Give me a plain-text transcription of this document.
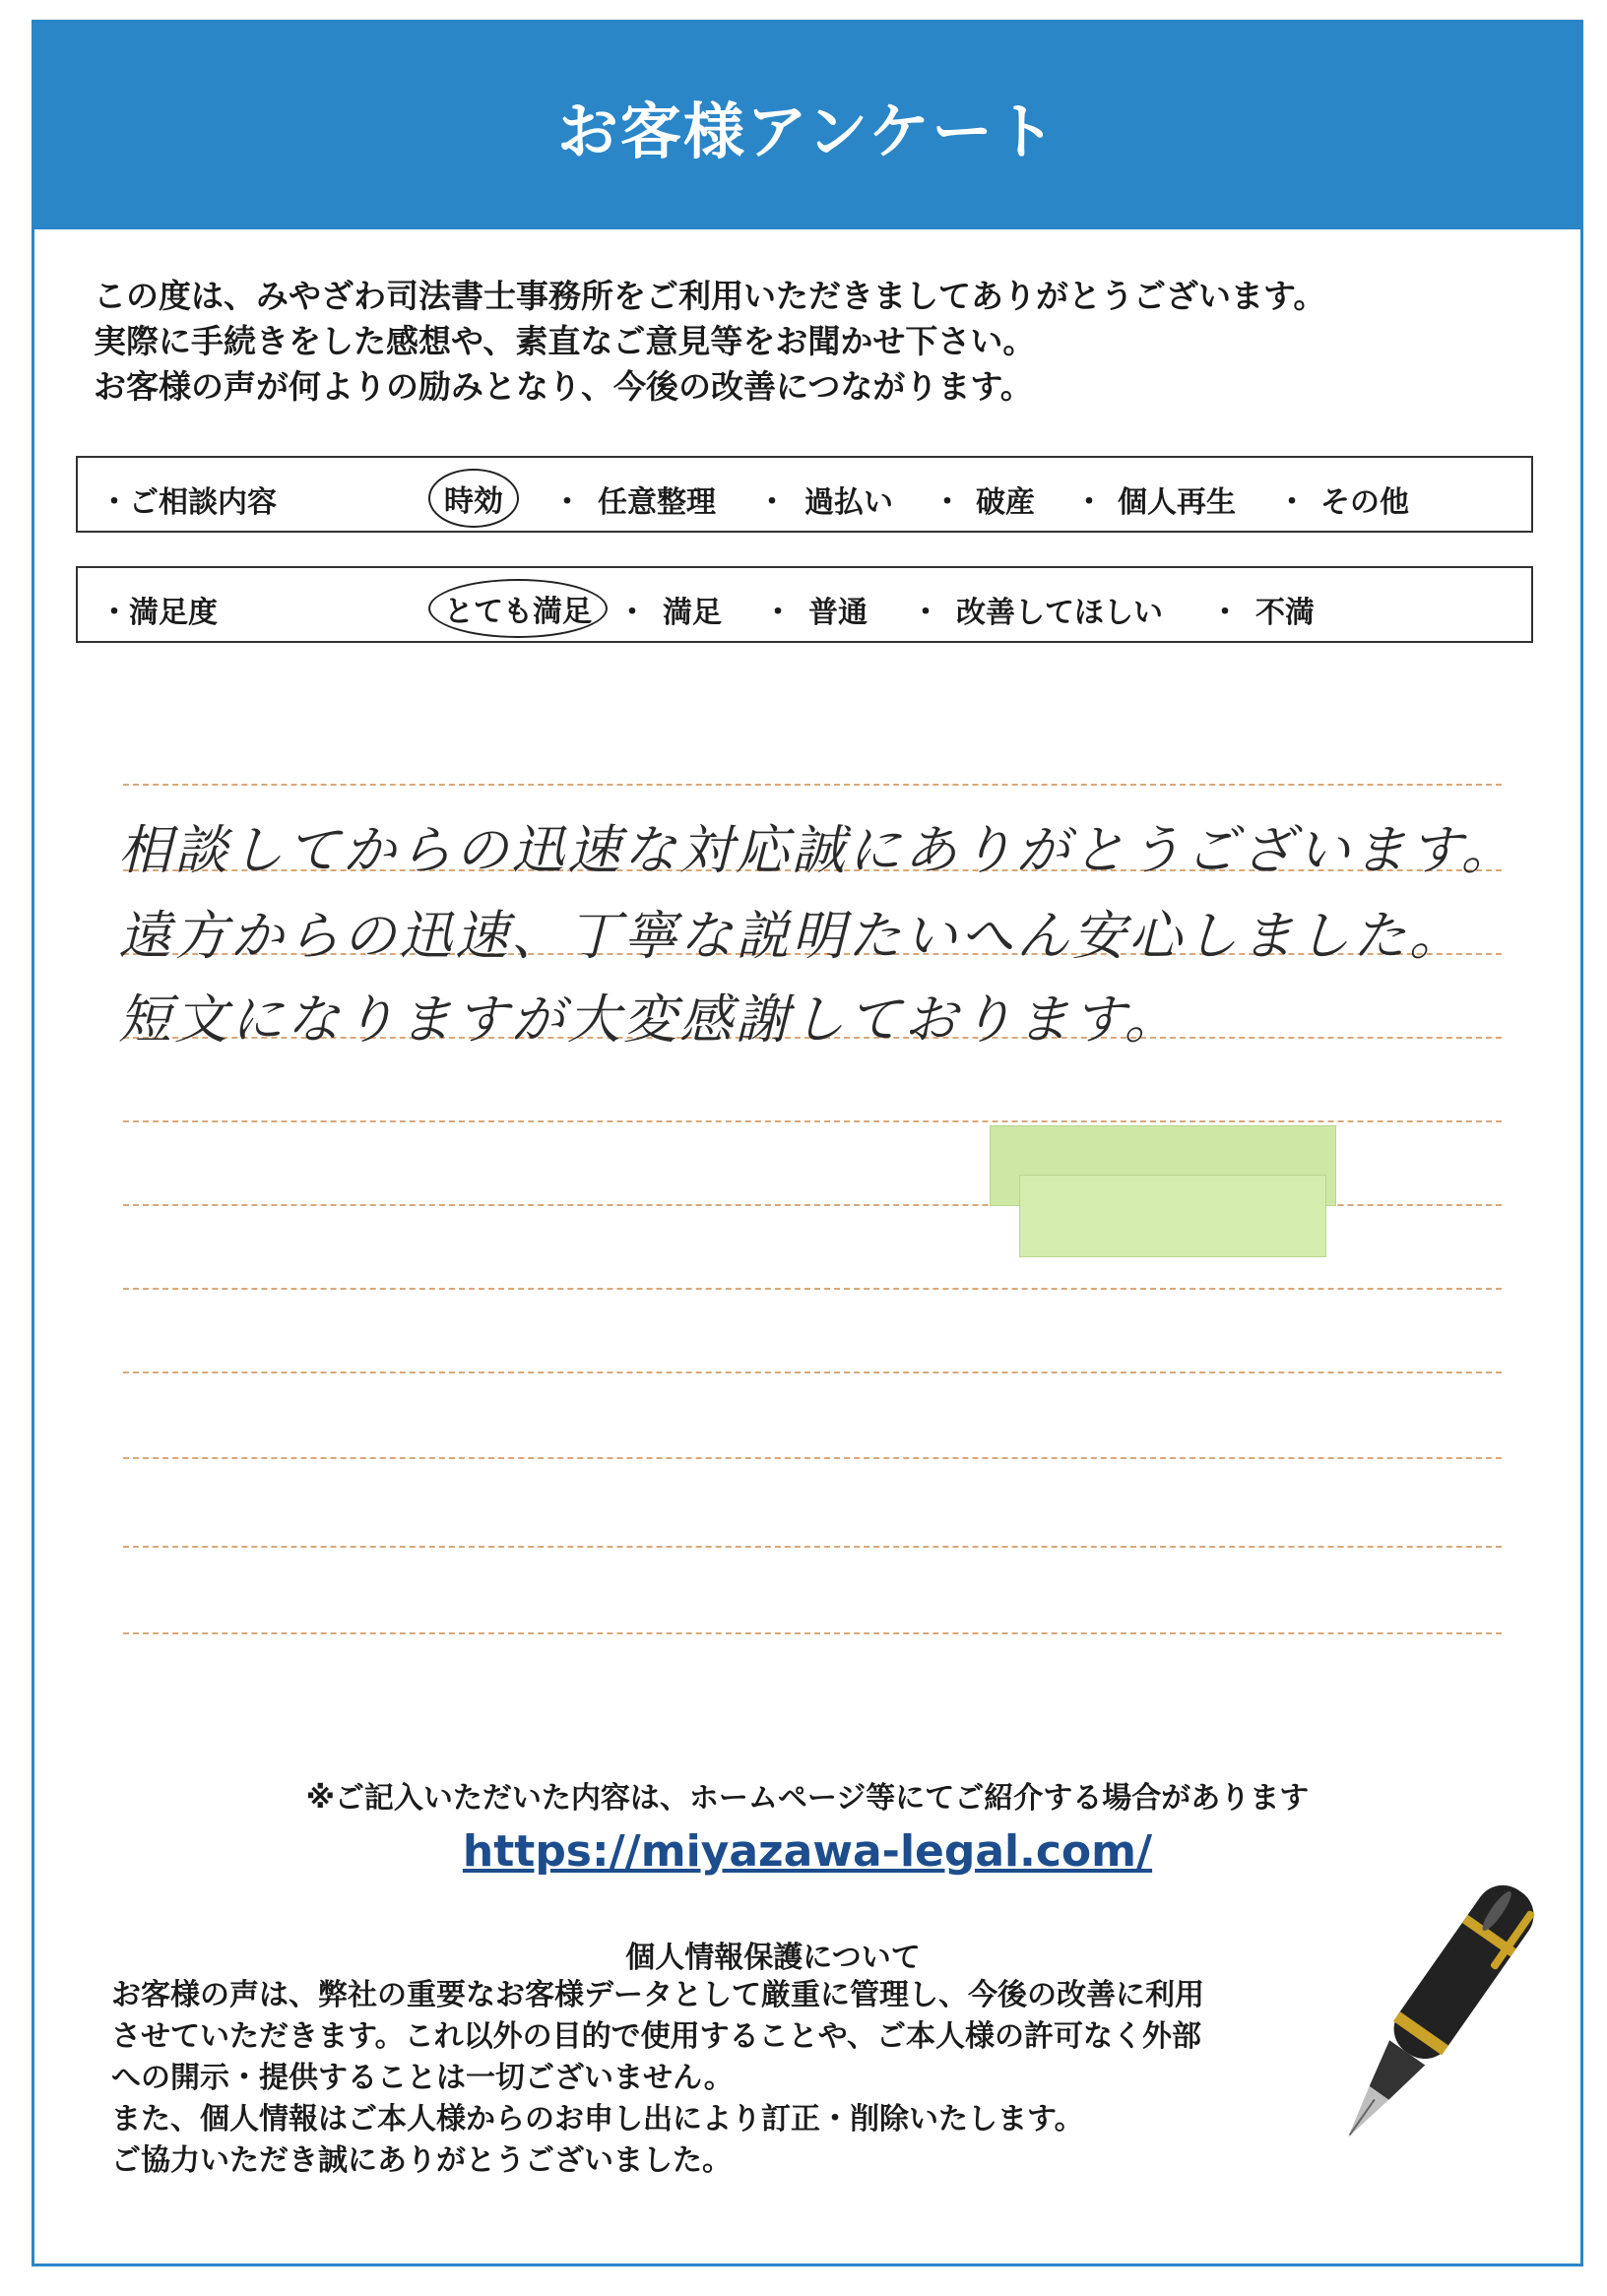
お客様アンケート
この度は、みやざわ司法書士事務所をご利用いただきましてありがとうございます。
実際に手続きをした感想や、素直なご意見等をお聞かせ下さい。
お客様の声が何よりの励みとなり、今後の改善につながります。
・ご相談内容	時効	・ 任意整理 ・ 過払い ・ 破産 ・ 個人再生 ・ その他
・満足度	とても満足 ・ 満足 ・ 普通 ・ 改善してほしい ・ 不満
相談してからの迅速な対応誠にありがとうございます。
遠方からの迅速、丁寧な説明たいへん安心しました。
短文になりますが大変感謝しております。
※ご記入いただいた内容は、ホームページ等にてご紹介する場合があります
https://miyazawa-legal.com/
個人情報保護について
お客様の声は、弊社の重要なお客様データとして厳重に管理し、今後の改善に利用
させていただきます。これ以外の目的で使用することや、ご本人様の許可なく外部
への開示・提供することは一切ございません。
また、個人情報はご本人様からのお申し出により訂正・削除いたします。
ご協力いただき誠にありがとうございました。
